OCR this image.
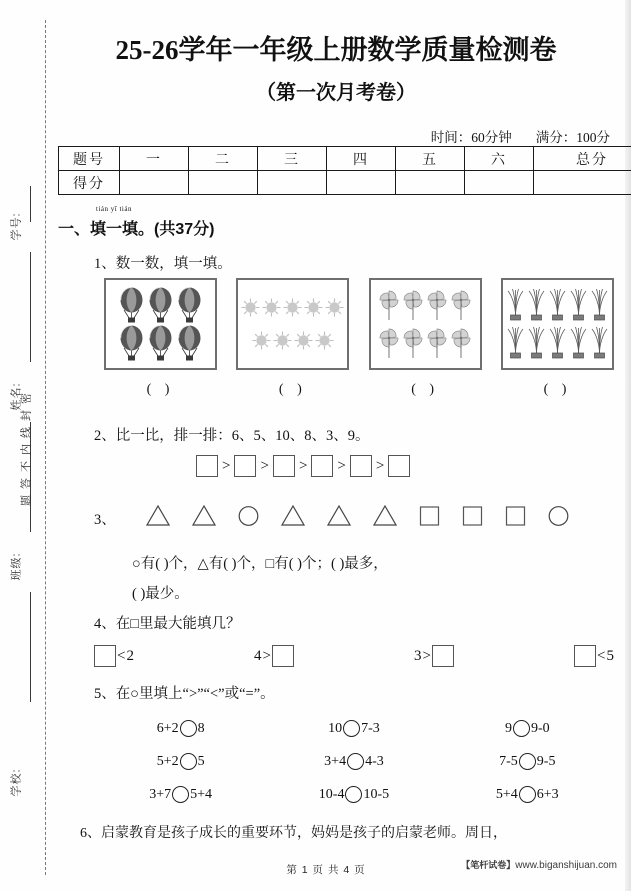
学号:
姓名:
班级:
学校:
密
封
线
内
不
答
题
25-26学年一年级上册数学质量检测卷
（第一次月考卷）
时间：60分钟 满分：100分
题号	一	二	三	四	五	六	总分
得分							
一、
tián yī tián
填一填。(共37分)
1、数一数，填一填。
( )	( )	( )	( )
2、比一比，排一排：6、5、10、8、3、9。
> > > > >
3、
○有( )个，△有( )个，□有( )个；( )最多，
( )最少。
4、在□里最大能填几？
< 2	4 >	3 >	< 5
5、在○里填上“>”“<”或“=”。
6+2 8	10 7-3	9 9-0
5+2 5	3+4 4-3	7-5 9-5
3+7 5+4	10-4 10-5	5+4 6+3
6、启蒙教育是孩子成长的重要环节，妈妈是孩子的启蒙老师。周日，
第 1 页 共 4 页	【笔杆试卷】www.biganshijuan.com
